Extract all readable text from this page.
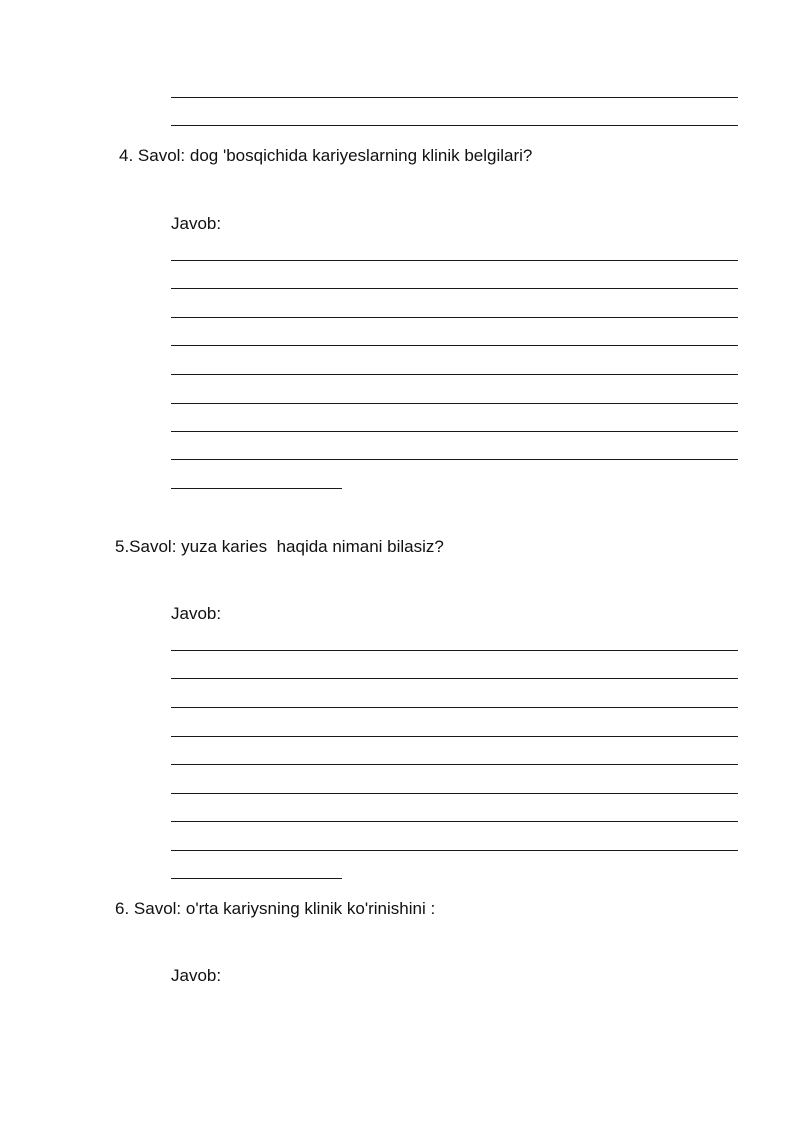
4. Savol: dog 'bosqichida kariyeslarning klinik belgilari?
Javob:
5.Savol: yuza karies  haqida nimani bilasiz?
Javob:
6. Savol: o'rta kariysning klinik ko'rinishini :
Javob:
